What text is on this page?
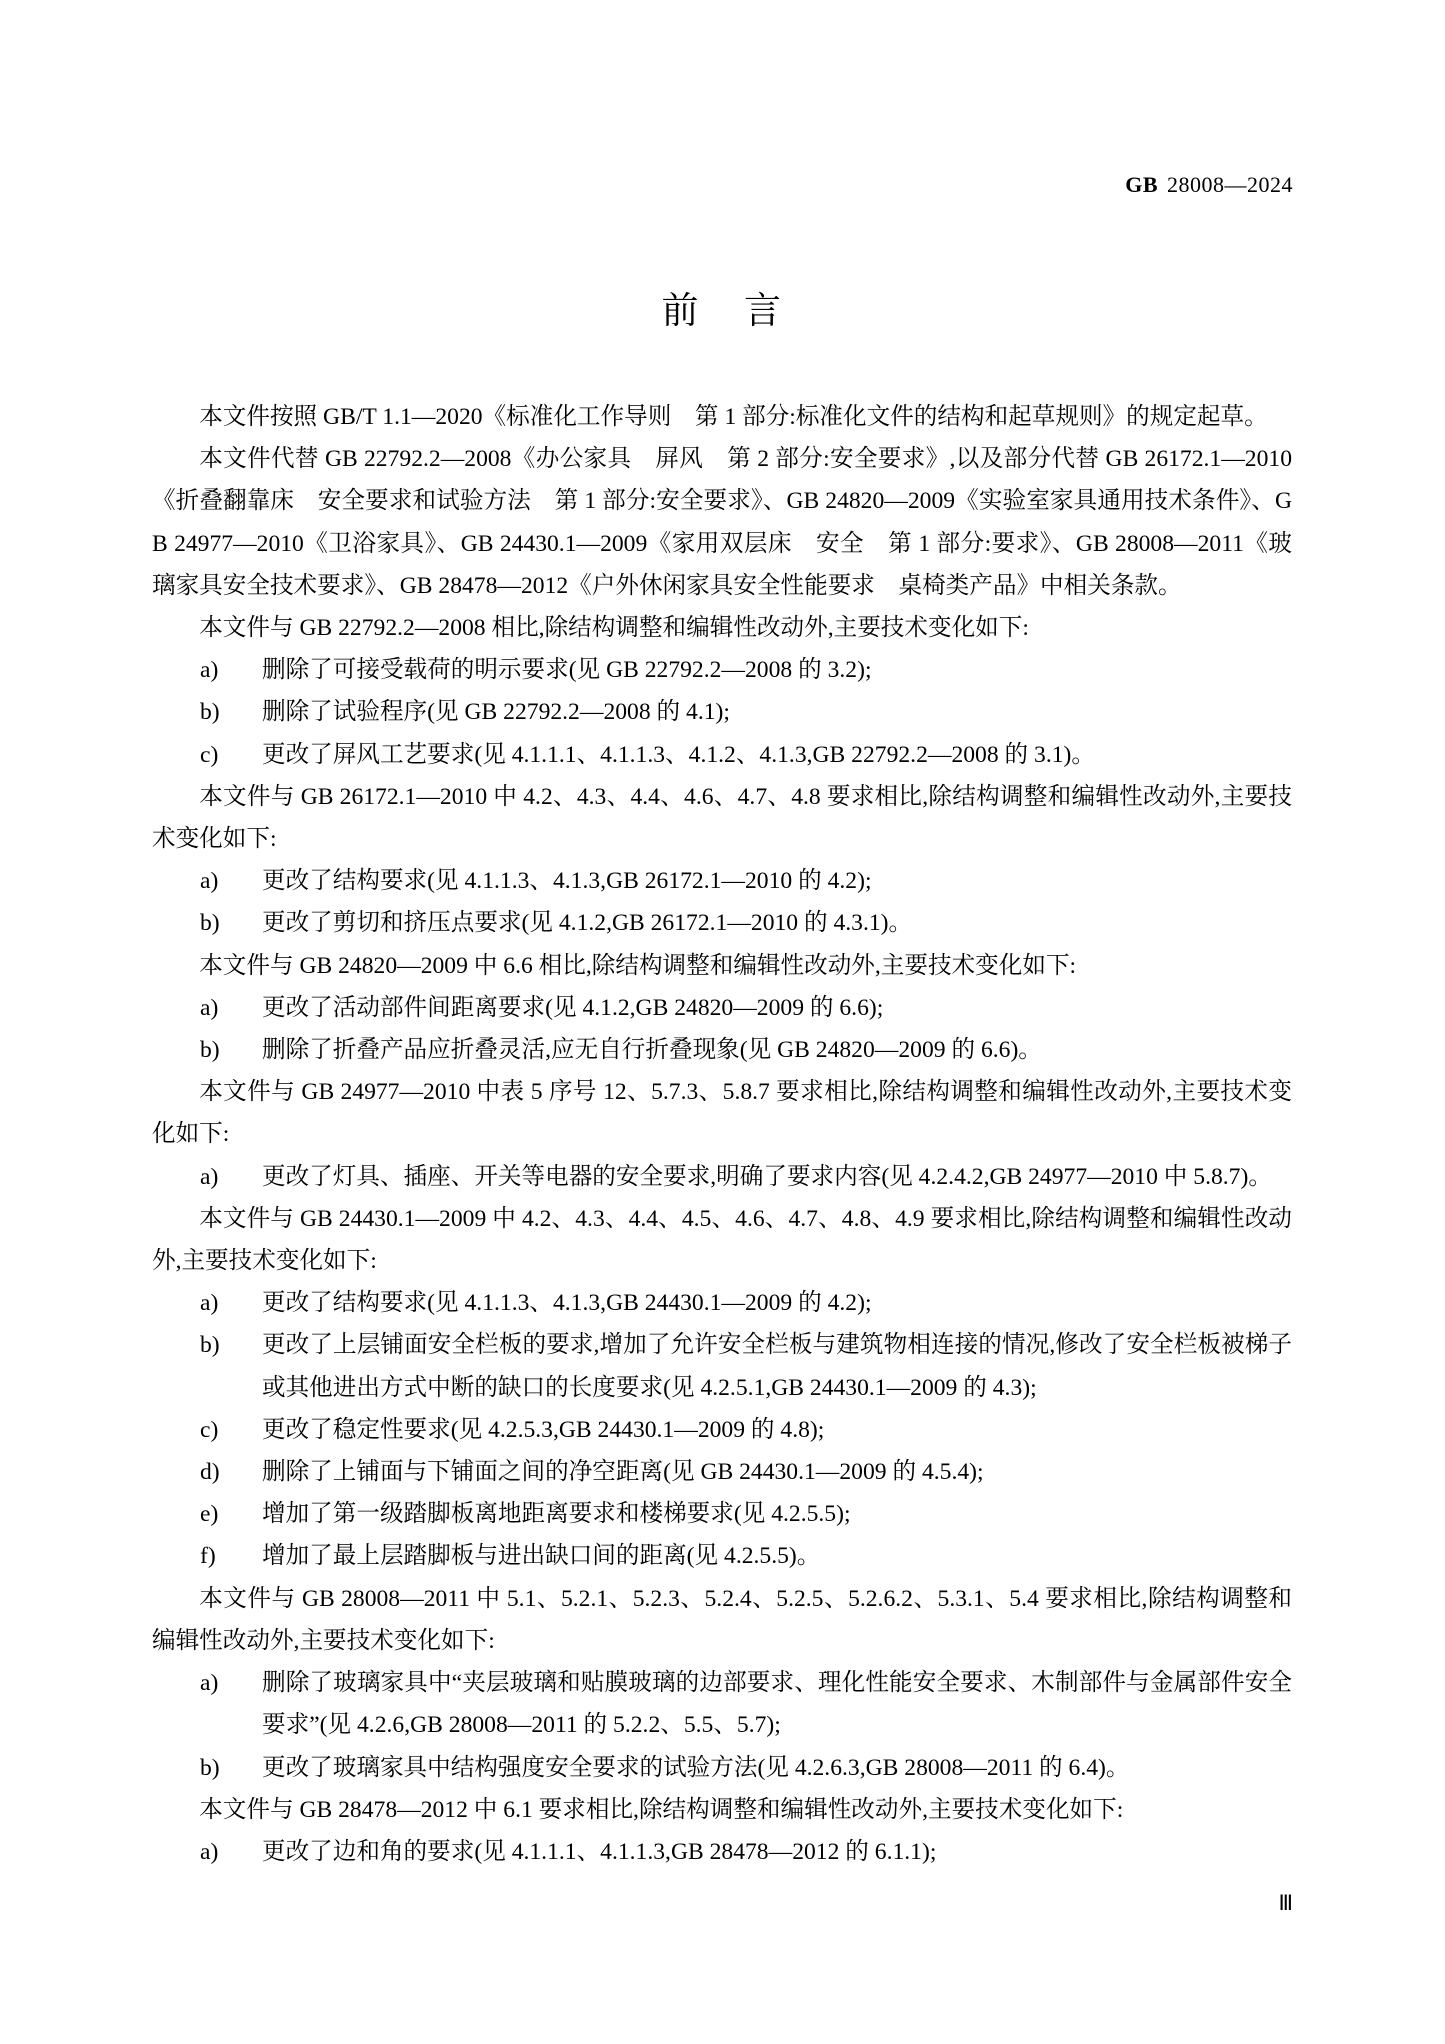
GB 28008—2024
前 言

本文件按照 GB/T 1.1—2020《标准化工作导则　第 1 部分:标准化文件的结构和起草规则》的规定起草。

本文件代替 GB 22792.2—2008《办公家具　屏风　第 2 部分:安全要求》,以及部分代替 GB 26172.1—2010《折叠翻靠床　安全要求和试验方法　第 1 部分:安全要求》、GB 24820—2009《实验室家具通用技术条件》、GB 24977—2010《卫浴家具》、GB 24430.1—2009《家用双层床　安全　第 1 部分:要求》、GB 28008—2011《玻璃家具安全技术要求》、GB 28478—2012《户外休闲家具安全性能要求　桌椅类产品》中相关条款。

本文件与 GB 22792.2—2008 相比,除结构调整和编辑性改动外,主要技术变化如下:

a)	删除了可接受载荷的明示要求(见 GB 22792.2—2008 的 3.2);
b)	删除了试验程序(见 GB 22792.2—2008 的 4.1);
c)	更改了屏风工艺要求(见 4.1.1.1、4.1.1.3、4.1.2、4.1.3,GB 22792.2—2008 的 3.1)。

本文件与 GB 26172.1—2010 中 4.2、4.3、4.4、4.6、4.7、4.8 要求相比,除结构调整和编辑性改动外,主要技术变化如下:

a)	更改了结构要求(见 4.1.1.3、4.1.3,GB 26172.1—2010 的 4.2);
b)	更改了剪切和挤压点要求(见 4.1.2,GB 26172.1—2010 的 4.3.1)。

本文件与 GB 24820—2009 中 6.6 相比,除结构调整和编辑性改动外,主要技术变化如下:

a)	更改了活动部件间距离要求(见 4.1.2,GB 24820—2009 的 6.6);
b)	删除了折叠产品应折叠灵活,应无自行折叠现象(见 GB 24820—2009 的 6.6)。

本文件与 GB 24977—2010 中表 5 序号 12、5.7.3、5.8.7 要求相比,除结构调整和编辑性改动外,主要技术变化如下:

a)	更改了灯具、插座、开关等电器的安全要求,明确了要求内容(见 4.2.4.2,GB 24977—2010 中 5.8.7)。

本文件与 GB 24430.1—2009 中 4.2、4.3、4.4、4.5、4.6、4.7、4.8、4.9 要求相比,除结构调整和编辑性改动外,主要技术变化如下:

a)	更改了结构要求(见 4.1.1.3、4.1.3,GB 24430.1—2009 的 4.2);
b)	更改了上层铺面安全栏板的要求,增加了允许安全栏板与建筑物相连接的情况,修改了安全栏板被梯子或其他进出方式中断的缺口的长度要求(见 4.2.5.1,GB 24430.1—2009 的 4.3);
c)	更改了稳定性要求(见 4.2.5.3,GB 24430.1—2009 的 4.8);
d)	删除了上铺面与下铺面之间的净空距离(见 GB 24430.1—2009 的 4.5.4);
e)	增加了第一级踏脚板离地距离要求和楼梯要求(见 4.2.5.5);
f)	增加了最上层踏脚板与进出缺口间的距离(见 4.2.5.5)。

本文件与 GB 28008—2011 中 5.1、5.2.1、5.2.3、5.2.4、5.2.5、5.2.6.2、5.3.1、5.4 要求相比,除结构调整和编辑性改动外,主要技术变化如下:

a)	删除了玻璃家具中“夹层玻璃和贴膜玻璃的边部要求、理化性能安全要求、木制部件与金属部件安全要求”(见 4.2.6,GB 28008—2011 的 5.2.2、5.5、5.7);
b)	更改了玻璃家具中结构强度安全要求的试验方法(见 4.2.6.3,GB 28008—2011 的 6.4)。

本文件与 GB 28478—2012 中 6.1 要求相比,除结构调整和编辑性改动外,主要技术变化如下:

a)	更改了边和角的要求(见 4.1.1.1、4.1.1.3,GB 28478—2012 的 6.1.1);
Ⅲ
